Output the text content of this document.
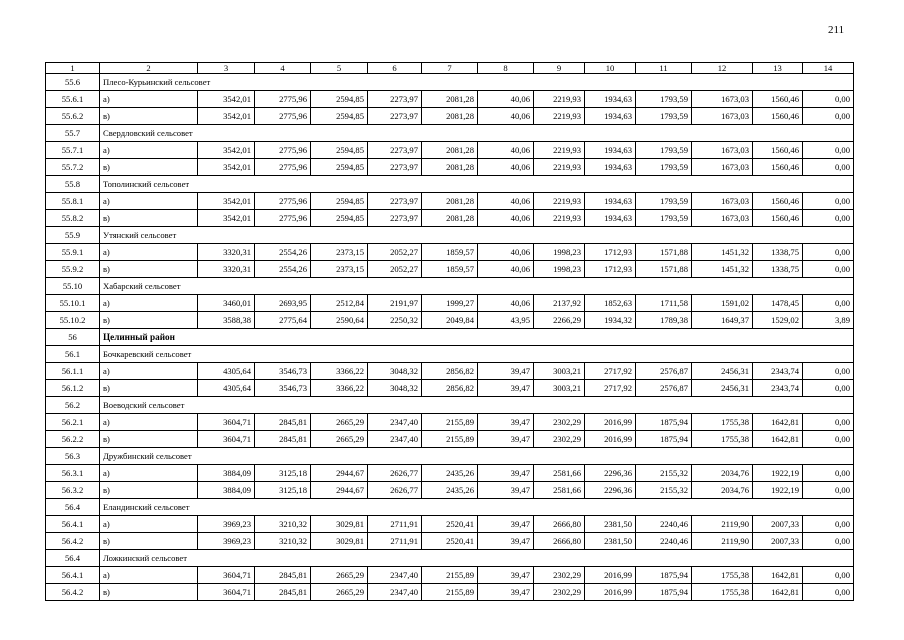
211
1	2	3	4	5	6	7	8	9	10	11	12	13	14
55.6	Плесо-Курьинский сельсовет												
55.6.1	а)	3542,01	2775,96	2594,85	2273,97	2081,28	40,06	2219,93	1934,63	1793,59	1673,03	1560,46	0,00
55.6.2	в)	3542,01	2775,96	2594,85	2273,97	2081,28	40,06	2219,93	1934,63	1793,59	1673,03	1560,46	0,00
55.7	Свердловский сельсовет												
55.7.1	а)	3542,01	2775,96	2594,85	2273,97	2081,28	40,06	2219,93	1934,63	1793,59	1673,03	1560,46	0,00
55.7.2	в)	3542,01	2775,96	2594,85	2273,97	2081,28	40,06	2219,93	1934,63	1793,59	1673,03	1560,46	0,00
55.8	Тополинский сельсовет												
55.8.1	а)	3542,01	2775,96	2594,85	2273,97	2081,28	40,06	2219,93	1934,63	1793,59	1673,03	1560,46	0,00
55.8.2	в)	3542,01	2775,96	2594,85	2273,97	2081,28	40,06	2219,93	1934,63	1793,59	1673,03	1560,46	0,00
55.9	Утянский сельсовет												
55.9.1	а)	3320,31	2554,26	2373,15	2052,27	1859,57	40,06	1998,23	1712,93	1571,88	1451,32	1338,75	0,00
55.9.2	в)	3320,31	2554,26	2373,15	2052,27	1859,57	40,06	1998,23	1712,93	1571,88	1451,32	1338,75	0,00
55.10	Хабарский сельсовет												
55.10.1	а)	3460,01	2693,95	2512,84	2191,97	1999,27	40,06	2137,92	1852,63	1711,58	1591,02	1478,45	0,00
55.10.2	в)	3588,38	2775,64	2590,64	2250,32	2049,84	43,95	2266,29	1934,32	1789,38	1649,37	1529,02	3,89
56	Целинный район												
56.1	Бочкаревский сельсовет												
56.1.1	а)	4305,64	3546,73	3366,22	3048,32	2856,82	39,47	3003,21	2717,92	2576,87	2456,31	2343,74	0,00
56.1.2	в)	4305,64	3546,73	3366,22	3048,32	2856,82	39,47	3003,21	2717,92	2576,87	2456,31	2343,74	0,00
56.2	Воеводский сельсовет												
56.2.1	а)	3604,71	2845,81	2665,29	2347,40	2155,89	39,47	2302,29	2016,99	1875,94	1755,38	1642,81	0,00
56.2.2	в)	3604,71	2845,81	2665,29	2347,40	2155,89	39,47	2302,29	2016,99	1875,94	1755,38	1642,81	0,00
56.3	Дружбинский сельсовет												
56.3.1	а)	3884,09	3125,18	2944,67	2626,77	2435,26	39,47	2581,66	2296,36	2155,32	2034,76	1922,19	0,00
56.3.2	в)	3884,09	3125,18	2944,67	2626,77	2435,26	39,47	2581,66	2296,36	2155,32	2034,76	1922,19	0,00
56.4	Еландинский сельсовет												
56.4.1	а)	3969,23	3210,32	3029,81	2711,91	2520,41	39,47	2666,80	2381,50	2240,46	2119,90	2007,33	0,00
56.4.2	в)	3969,23	3210,32	3029,81	2711,91	2520,41	39,47	2666,80	2381,50	2240,46	2119,90	2007,33	0,00
56.4	Ложкинский сельсовет												
56.4.1	а)	3604,71	2845,81	2665,29	2347,40	2155,89	39,47	2302,29	2016,99	1875,94	1755,38	1642,81	0,00
56.4.2	в)	3604,71	2845,81	2665,29	2347,40	2155,89	39,47	2302,29	2016,99	1875,94	1755,38	1642,81	0,00
